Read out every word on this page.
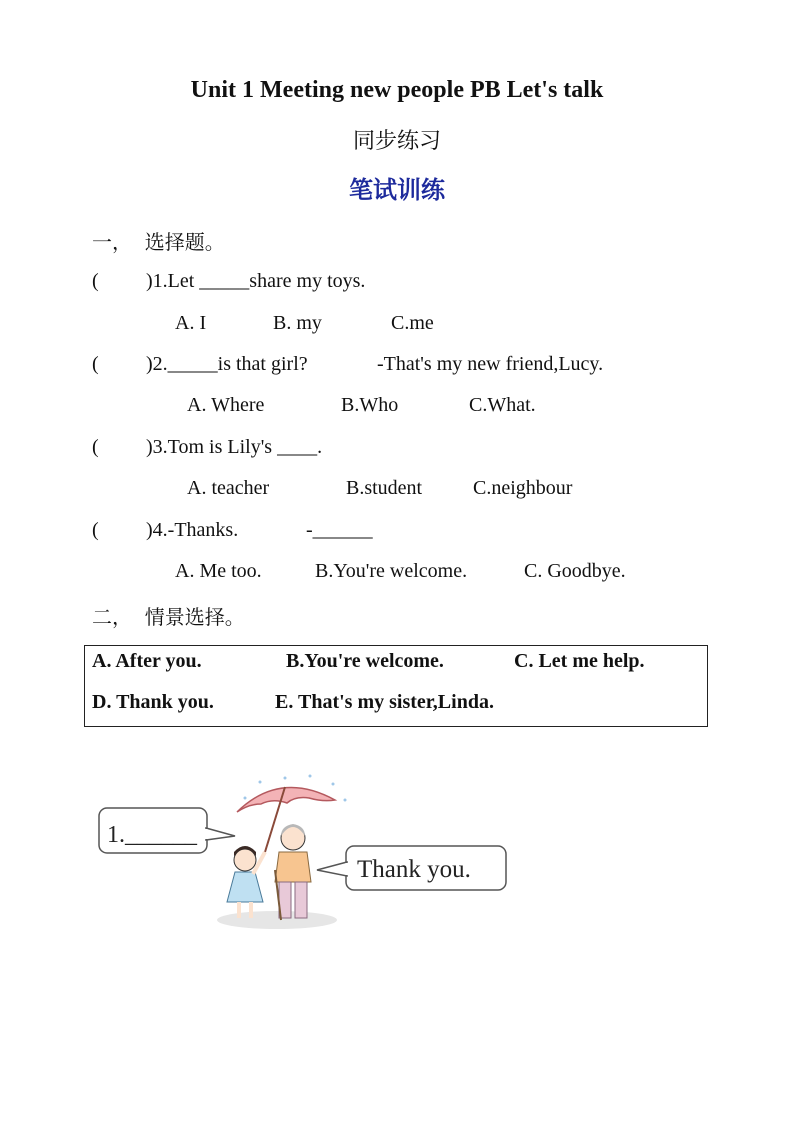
Unit 1 Meeting new people PB Let's talk
同步练习
笔试训练
一，  选择题。
( )1.Let _____share my toys.
A. I	B. my	C.me
( )2._____is that girl?	-That's my new friend,Lucy.
A. Where	B.Who	C.What.
( )3.Tom is Lily's ____.
A. teacher	B.student	C.neighbour
( )4.-Thanks.	-______
A. Me too.	B.You're welcome.	C. Goodbye.
二，  情景选择。
A. After you.	B.You're welcome.	C. Let me help.
D. Thank you.	E. That's my sister,Linda.
1.______
Thank you.
